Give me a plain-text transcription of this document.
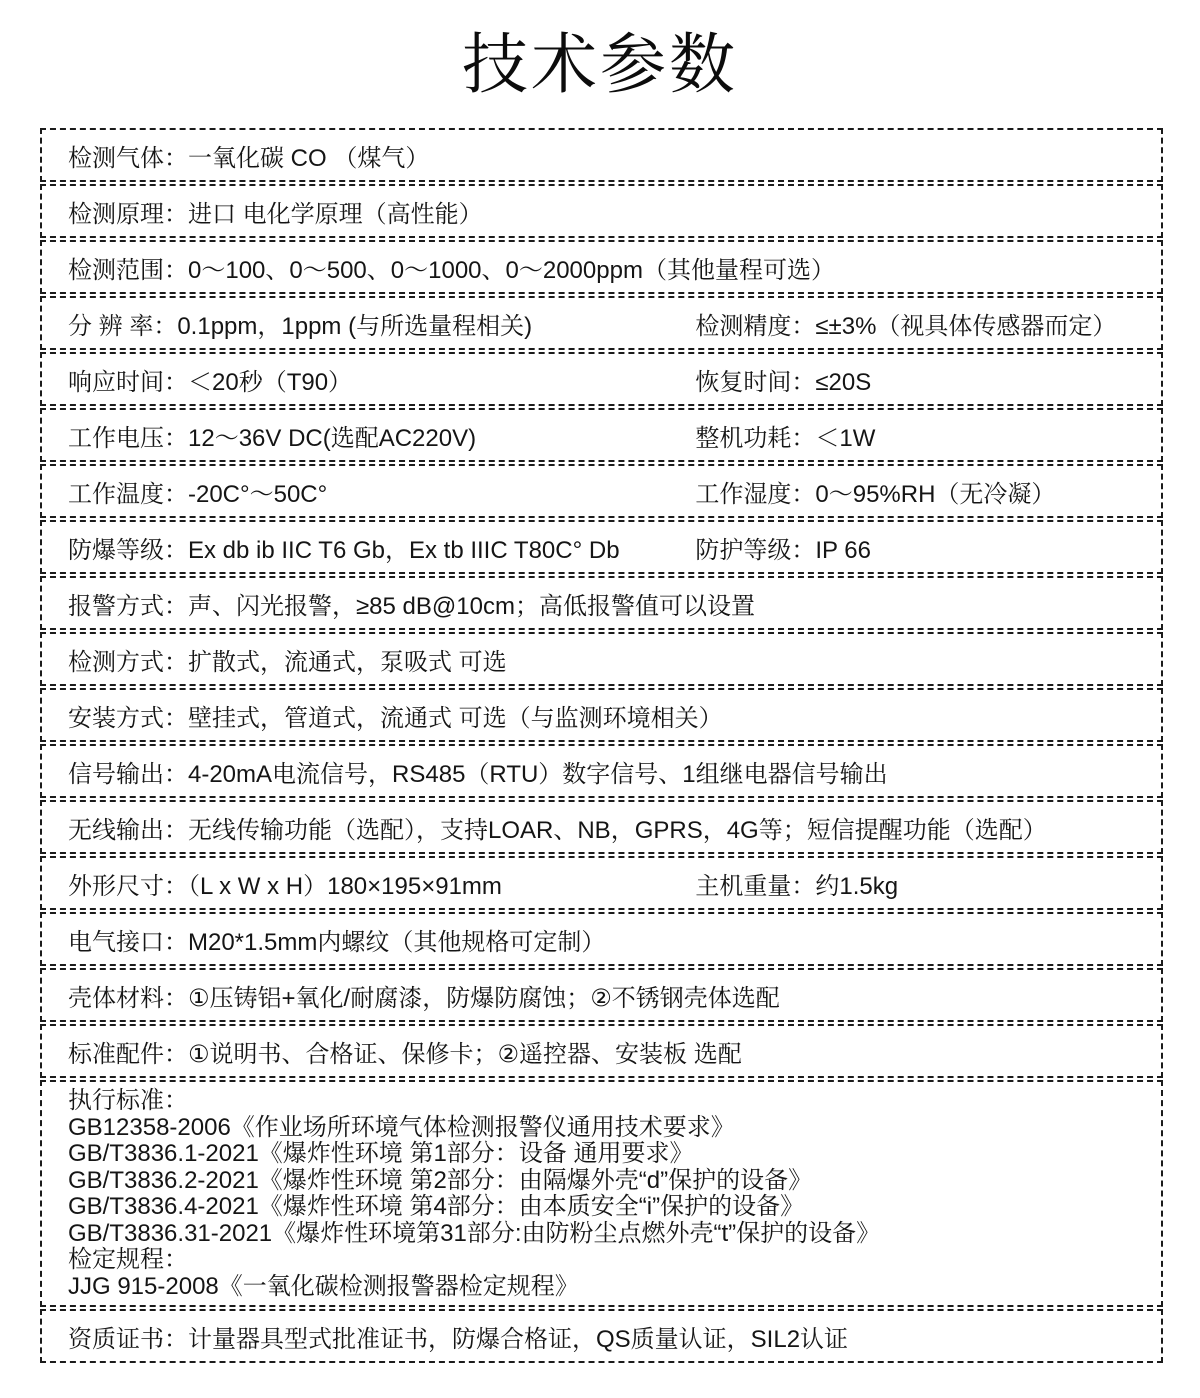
技术参数
检测气体：一氧化碳 CO （煤气）
检测原理：进口 电化学原理（高性能）
检测范围：0～100、0～500、0～1000、0～2000ppm（其他量程可选）
分 辨 率：0.1ppm，1ppm (与所选量程相关)	检测精度：≤±3%（视具体传感器而定）
响应时间：＜20秒（T90）	恢复时间：≤20S
工作电压：12～36V DC(选配AC220V)	整机功耗：＜1W
工作温度：-20C°～50C°	工作湿度：0～95%RH（无冷凝）
防爆等级：Ex db ib IIC T6 Gb，Ex tb IIIC T80C° Db	防护等级：IP 66
报警方式：声、闪光报警，≥85 dB@10cm；高低报警值可以设置
检测方式：扩散式，流通式，泵吸式 可选
安装方式：壁挂式，管道式，流通式 可选（与监测环境相关）
信号输出：4-20mA电流信号，RS485（RTU）数字信号、1组继电器信号输出
无线输出：无线传输功能（选配），支持LOAR、NB，GPRS，4G等；短信提醒功能（选配）
外形尺寸：（L x W x H）180×195×91mm	主机重量：约1.5kg
电气接口：M20*1.5mm内螺纹（其他规格可定制）
壳体材料：①压铸铝+氧化/耐腐漆，防爆防腐蚀；②不锈钢壳体选配
标准配件：①说明书、合格证、保修卡；②遥控器、安装板 选配
执行标准：
GB12358-2006《作业场所环境气体检测报警仪通用技术要求》
GB/T3836.1-2021《爆炸性环境 第1部分：设备 通用要求》
GB/T3836.2-2021《爆炸性环境 第2部分：由隔爆外壳“d”保护的设备》
GB/T3836.4-2021《爆炸性环境 第4部分：由本质安全“i”保护的设备》
GB/T3836.31-2021《爆炸性环境第31部分:由防粉尘点燃外壳“t”保护的设备》
检定规程：
JJG 915-2008《一氧化碳检测报警器检定规程》
资质证书：计量器具型式批准证书，防爆合格证，QS质量认证，SIL2认证
